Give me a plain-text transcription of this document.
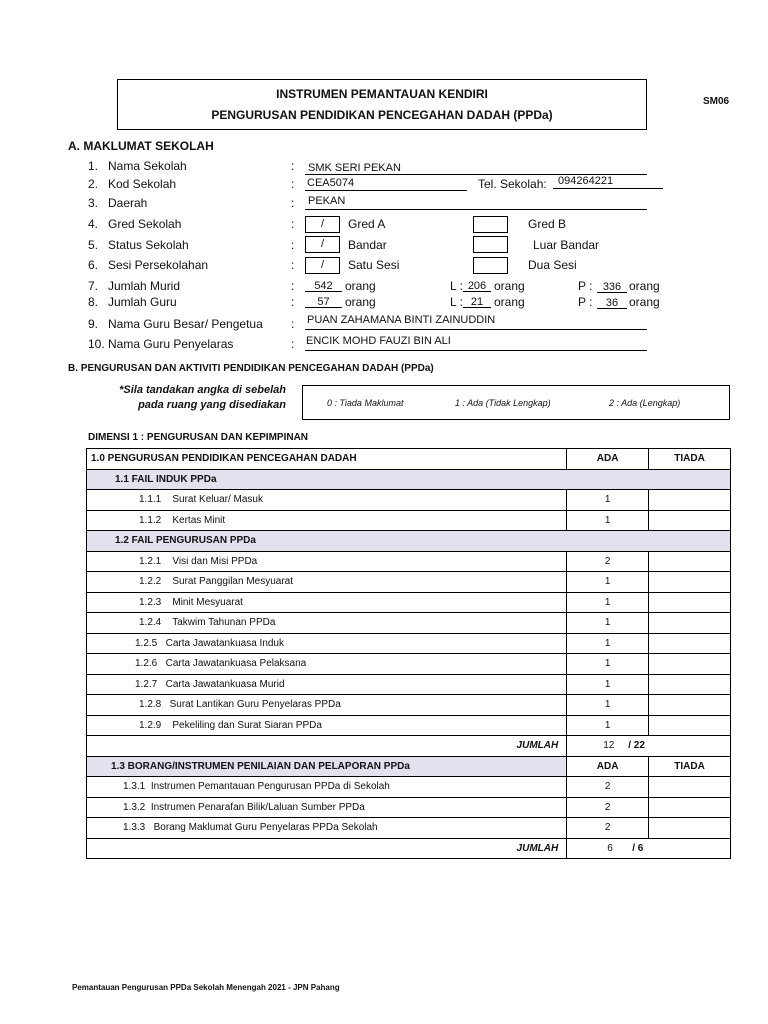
INSTRUMEN PEMANTAUAN KENDIRI
PENGURUSAN PENDIDIKAN PENCEGAHAN DADAH (PPDa)
SM06
A. MAKLUMAT SEKOLAH
1. Nama Sekolah	: SMK SERI PEKAN
2. Kod Sekolah	: CEA5074	Tel. Sekolah: 094264221
3. Daerah	: PEKAN
4. Gred Sekolah	:	/	Gred A	Gred B
5. Status Sekolah	:	/	Bandar	Luar Bandar
6. Sesi Persekolahan	:	/	Satu Sesi	Dua Sesi
7. Jumlah Murid	:	542	orang	L : 206 orang	P : 336 orang
8. Jumlah Guru	:	57	orang	L : 21 orang	P :	36 orang
9. Nama Guru Besar/ Pengetua : PUAN ZAHAMANA BINTI ZAINUDDIN
10. Nama Guru Penyelaras	: ENCIK MOHD FAUZI BIN ALI
B. PENGURUSAN DAN AKTIVITI PENDIDIKAN PENCEGAHAN DADAH (PPDa)
*Sila tandakan angka di sebelah
pada ruang yang disediakan	0 : Tiada Maklumat	1 : Ada (Tidak Lengkap)	2 : Ada (Lengkap)
DIMENSI 1 : PENGURUSAN DAN KEPIMPINAN
1.0 PENGURUSAN PENDIDIKAN PENCEGAHAN DADAH	ADA	TIADA
1.1 FAIL INDUK PPDa		
1.1.1 Surat Keluar/ Masuk	1	
1.1.2 Kertas Minit	1	
1.2 FAIL PENGURUSAN PPDa		
1.2.1 Visi dan Misi PPDa	2	
1.2.2 Surat Panggilan Mesyuarat	1	
1.2.3 Minit Mesyuarat	1	
1.2.4 Takwim Tahunan PPDa	1	
1.2.5 Carta Jawatankuasa Induk	1	
1.2.6 Carta Jawatankuasa Pelaksana	1	
1.2.7 Carta Jawatankuasa Murid	1	
1.2.8 Surat Lantikan Guru Penyelaras PPDa	1	
1.2.9 Pekeliling dan Surat Siaran PPDa	1	
JUMLAH	12 / 22	
1.3 BORANG/INSTRUMEN PENILAIAN DAN PELAPORAN PPDa	ADA	TIADA
1.3.1 Instrumen Pemantauan Pengurusan PPDa di Sekolah	2	
1.3.2 Instrumen Penarafan Bilik/Laluan Sumber PPDa	2	
1.3.3 Borang Maklumat Guru Penyelaras PPDa Sekolah	2	
JUMLAH	6 / 6	
Pemantauan Pengurusan PPDa Sekolah Menengah 2021 - JPN Pahang
